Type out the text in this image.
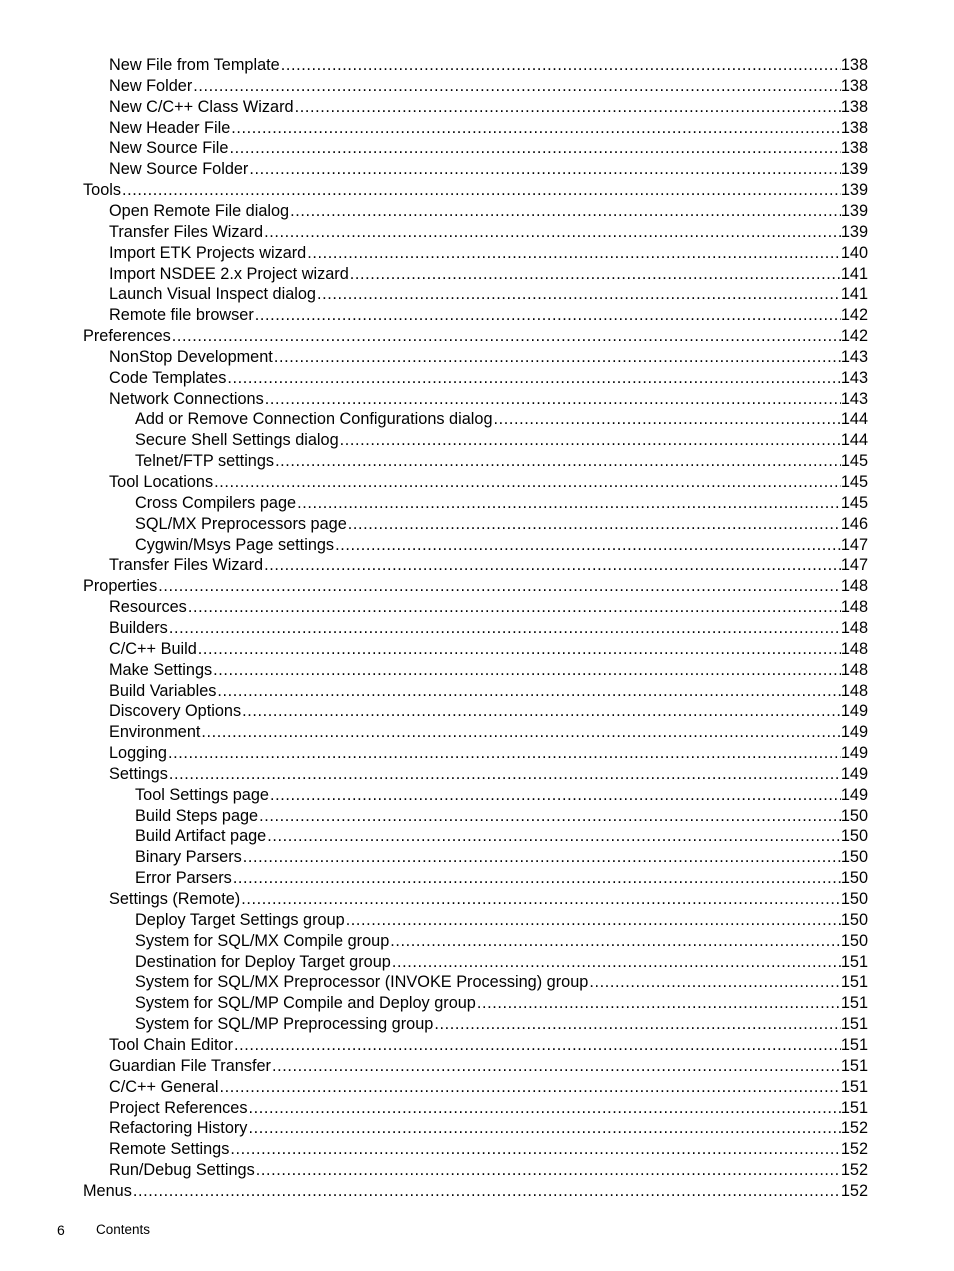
New File from Template .....	138
New Folder .....	138
New C/C++ Class Wizard .....	138
New Header File .....	138
New Source File .....	138
New Source Folder .....	139
Tools .....	139
Open Remote File dialog .....	139
Transfer Files Wizard .....	139
Import ETK Projects wizard .....	140
Import NSDEE 2.x Project wizard .....	141
Launch Visual Inspect dialog .....	141
Remote file browser .....	142
Preferences .....	142
NonStop Development .....	143
Code Templates .....	143
Network Connections .....	143
Add or Remove Connection Configurations dialog .....	144
Secure Shell Settings dialog .....	144
Telnet/FTP settings .....	145
Tool Locations .....	145
Cross Compilers page .....	145
SQL/MX Preprocessors page .....	146
Cygwin/Msys Page settings .....	147
Transfer Files Wizard .....	147
Properties .....	148
Resources .....	148
Builders .....	148
C/C++ Build .....	148
Make Settings .....	148
Build Variables .....	148
Discovery Options .....	149
Environment .....	149
Logging .....	149
Settings .....	149
Tool Settings page .....	149
Build Steps page .....	150
Build Artifact page .....	150
Binary Parsers .....	150
Error Parsers .....	150
Settings (Remote) .....	150
Deploy Target Settings group .....	150
System for SQL/MX Compile group .....	150
Destination for Deploy Target group .....	151
System for SQL/MX Preprocessor (INVOKE Processing) group .....	151
System for SQL/MP Compile and Deploy group .....	151
System for SQL/MP Preprocessing group .....	151
Tool Chain Editor .....	151
Guardian File Transfer .....	151
C/C++ General .....	151
Project References .....	151
Refactoring History .....	152
Remote Settings .....	152
Run/Debug Settings .....	152
Menus .....	152
6 Contents
